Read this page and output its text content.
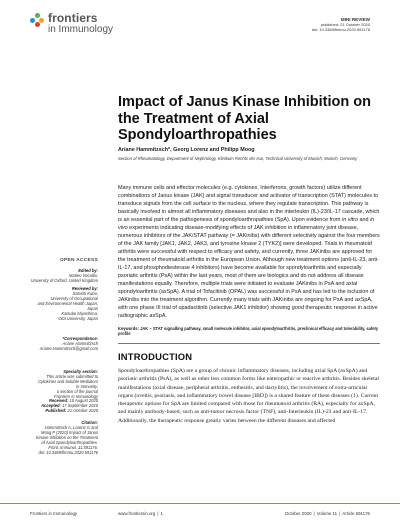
frontiers
in Immunology
MINI REVIEW
published: 21 October 2020
doi: 10.3389/fimmu.2020.591176
OPEN ACCESS
Edited by:
Matteo Vecellio,
University of Oxford, United Kingdom
Reviewed by:
Satoshi Kubo,
University of Occupational
and Environmental Health Japan,
Japan
Katsuke Miyashima,
Oita University, Japan
*Correspondence:
Ariane Hammitzsch
Ariane.Hammitzsch@gmail.com
Specialty section:
This article was submitted to
Cytokines and Soluble Mediators
in Immunity,
a section of the journal
Frontiers in Immunology
Received: 10 August 2020
Accepted: 17 September 2020
Published: 21 October 2020
Citation:
Hammitzsch A, Lorenz G and
Moog P (2020) Impact of Janus
Kinase Inhibition on the Treatment
of Axial Spondyloarthropathies.
Front. Immunol. 11:591176.
doi: 10.3389/fimmu.2020.591176
Impact of Janus Kinase Inhibition on the Treatment of Axial Spondyloarthropathies
Ariane Hammitzsch*, Georg Lorenz and Philipp Moog
Section of Rheumatology, Department of Nephrology, Klinikum Rechts der Isar, Technical University of Munich, Munich, Germany

Many immune cells and effector molecules (e.g. cytokines, Interferons, growth factors) utilize different combinations of Janus kinase (JAK) and signal transducer and activator of transcription (STAT) molecules to transduce signals from the cell surface to the nucleus, where they regulate transcription. This pathway is basically involved in almost all inflammatory diseases and also in the interleukin (IL)-23/IL-17 cascade, which is an essential part of the pathogenesis of spondyloarthropathies (SpA). Upon evidence from in vitro and in vivo experiments indicating disease-modifying effects of JAK inhibition in inflammatory joint disease, numerous inhibitors of the JAK/STAT pathway (= JAKinibs) with different selectivity against the four members of the JAK family [JAK1, JAK2, JAK3, and tyrosine kinase 2 (TYK2)] were developed. Trials in rheumatoid arthritis were successful with respect to efficacy and safety, and currently, three JAKinibs are approved for the treatment of rheumatoid arthritis in the European Union. Although new treatment options (anti-IL-23, anti-IL-17, and phosphodiesterase 4 inhibitors) have become available for spondyloarthritis and especially psoriatic arthritis (PsA) within the last years, most of them are biologics and do not address all disease manifestations equally. Therefore, multiple trials were initiated to evaluate JAKinibs in PsA and axial spondyloarthritis (axSpA). A trial of Tofacitinib (OPAL) was successful in PsA and has led to the inclusion of JAKinibs into the treatment algorithm. Currently many trials with JAKinibs are ongoing for PsA and axSpA, with one phase III trial of upadacitinib (selective JAK1 inhibitor) showing good therapeutic response in active radiographic axSpA.

Keywords: JAK – STAT signalling pathway, small molecule inhibitor, axial spondyloarthritis, preclinical efficacy and tolerability, safety profile

INTRODUCTION

Spondyloarthropathies (SpA) are a group of chronic inflammatory diseases, including axial SpA (axSpA) and psoriatic arthritis (PsA), as well as other less common forms like enteropathic or reactive arthritis. Besides skeletal manifestations (axial disease, peripheral arthritis, enthesitis, and dactylitis), the involvement of extra-articular organs (uveitis, psoriasis, and inflammatory bowel disease [IBD]) is a shared feature of these diseases (1). Current therapeutic options for SpA are limited compared with those for rheumatoid arthritis (RA), especially for axSpA, and mainly antibody-based, such as anti-tumor necrosis factor (TNF), anti-Interleukin (IL)-23 and anti-IL-17. Additionally, the therapeutic response greatly varies between the different diseases and affected

Frontiers in Immunology	www.frontiersin.org | 1	October 2020 | Volume 11 | Article 591176
